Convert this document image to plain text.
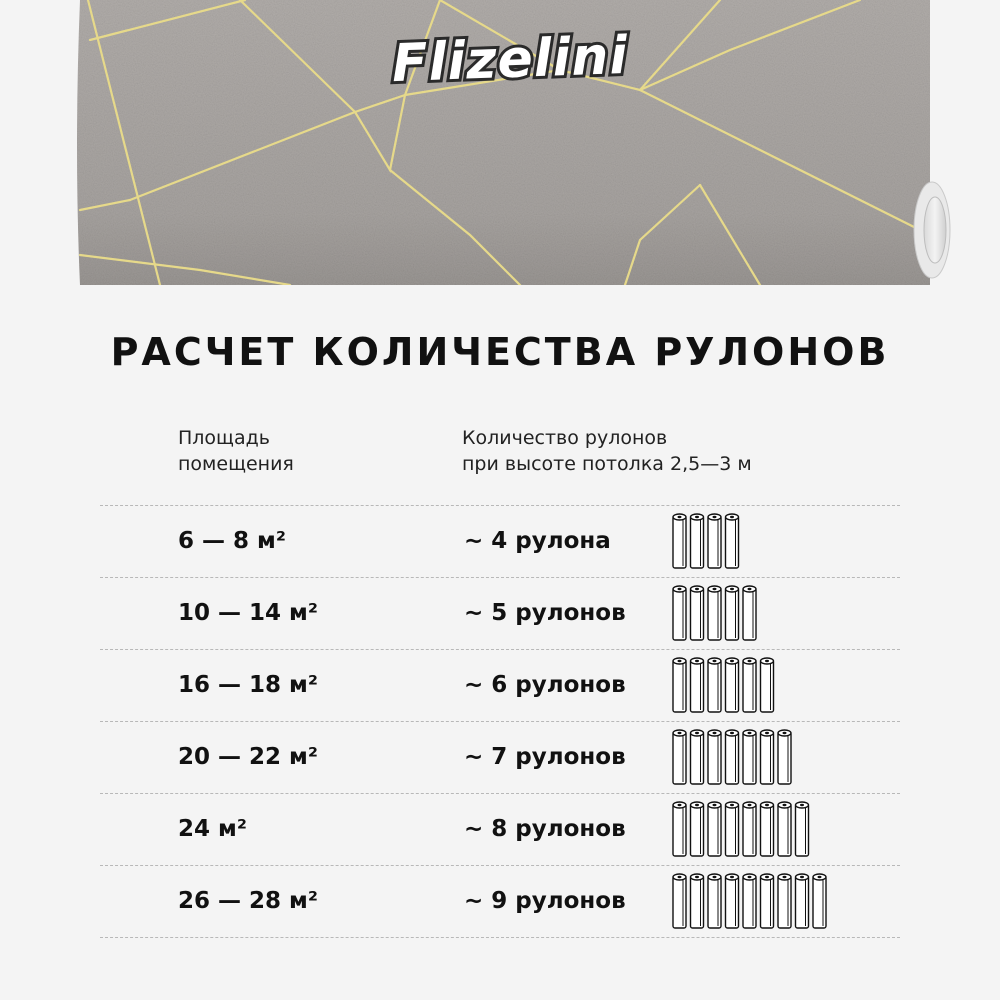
Flizelini
РАСЧЕТ КОЛИЧЕСТВА РУЛОНОВ
Площадь
помещения
Количество рулонов
при высоте потолка 2,5—3 м
6 — 8 м²	~ 4 рулона
10 — 14 м²	~ 5 рулонов
16 — 18 м²	~ 6 рулонов
20 — 22 м²	~ 7 рулонов
24 м²	~ 8 рулонов
26 — 28 м²	~ 9 рулонов
